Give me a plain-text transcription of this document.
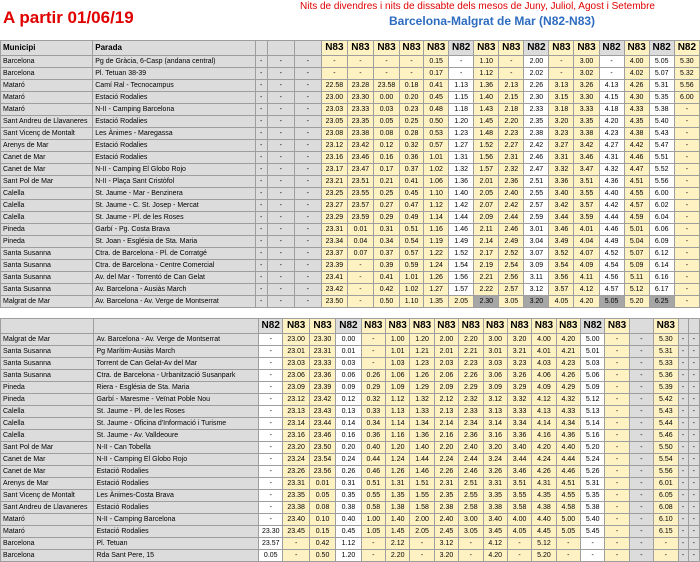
A partir 01/06/19
Nits de divendres i nits de dissabte dels mesos de Juny, Juliol, Agost i Setembre
Barcelona-Malgrat de Mar (N82-N83)
Municipi	Parada				N83	N83	N83	N83	N83	N82	N83	N83	N82	N83	N83	N82	N83	N82	N82
Barcelona	Pg de Gràcia, 6-Casp (andana central)	-	-	-	-	-	-	-	0.15	-	1.10	-	2.00	-	3.00	-	4.00	5.05	5.30
Barcelona	Pl. Tetuan 38-39	-	-	-	-	-	-	-	0.17	-	1.12	-	2.02	-	3.02	-	4.02	5.07	5.32
Mataró	Camí Ral - Tecnocampus	-	-	-	22.58	23.28	23.58	0.18	0.41	1.13	1.36	2.13	2.26	3.13	3.26	4.13	4.26	5.31	5.56
Mataró	Estació Rodalies	-	-	-	23.00	23.30	0.00	0.20	0.45	1.15	1.40	2.15	2.30	3.15	3.30	4.15	4.30	5.35	6.00
Mataró	N-II - Camping Barcelona	-	-	-	23.03	23.33	0.03	0.23	0.48	1.18	1.43	2.18	2.33	3.18	3.33	4.18	4.33	5.38	-
Sant Andreu de Llavaneres	Estació Rodalies	-	-	-	23.05	23.35	0.05	0.25	0.50	1.20	1.45	2.20	2.35	3.20	3.35	4.20	4.35	5.40	-
Sant Vicenç de Montalt	Les Ànimes - Maregassa	-	-	-	23.08	23.38	0.08	0.28	0.53	1.23	1.48	2.23	2.38	3.23	3.38	4.23	4.38	5.43	-
Arenys de Mar	Estació Rodalies	-	-	-	23.12	23.42	0.12	0.32	0.57	1.27	1.52	2.27	2.42	3.27	3.42	4.27	4.42	5.47	-
Canet de Mar	Estació Rodalies	-	-	-	23.16	23.46	0.16	0.36	1.01	1.31	1.56	2.31	2.46	3.31	3.46	4.31	4.46	5.51	-
Canet de Mar	N-II - Camping El Globo Rojo	-	-	-	23.17	23.47	0.17	0.37	1.02	1.32	1.57	2.32	2.47	3.32	3.47	4.32	4.47	5.52	-
Sant Pol de Mar	N-II - Plaça Sant Cristòfol	-	-	-	23.21	23.51	0.21	0.41	1.06	1.36	2.01	2.36	2.51	3.36	3.51	4.36	4.51	5.56	-
Calella	St. Jaume - Mar - Benzinera	-	-	-	23.25	23.55	0.25	0.45	1.10	1.40	2.05	2.40	2.55	3.40	3.55	4.40	4.55	6.00	-
Calella	St. Jaume - C. St. Josep - Mercat	-	-	-	23.27	23.57	0.27	0.47	1.12	1.42	2.07	2.42	2.57	3.42	3.57	4.42	4.57	6.02	-
Calella	St. Jaume - Pl. de les Roses	-	-	-	23.29	23.59	0.29	0.49	1.14	1.44	2.09	2.44	2.59	3.44	3.59	4.44	4.59	6.04	-
Pineda	Garbí - Pg. Costa Brava	-	-	-	23.31	0.01	0.31	0.51	1.16	1.46	2.11	2.46	3.01	3.46	4.01	4.46	5.01	6.06	-
Pineda	St. Joan - Església de Sta. Maria	-	-	-	23.34	0.04	0.34	0.54	1.19	1.49	2.14	2.49	3.04	3.49	4.04	4.49	5.04	6.09	-
Santa Susanna	Ctra. de Barcelona - Pl. de Corratgé	-	-	-	23.37	0.07	0.37	0.57	1.22	1.52	2.17	2.52	3.07	3.52	4.07	4.52	5.07	6.12	-
Santa Susanna	Ctra. de Barcelona - Centre Comercial	-	-	-	23.39	-	0.39	0.59	1.24	1.54	2.19	2.54	3.09	3.54	4.09	4.54	5.09	6.14	-
Santa Susanna	Av. del Mar - Torrentó de Can Gelat	-	-	-	23.41	-	0.41	1.01	1.26	1.56	2.21	2.56	3.11	3.56	4.11	4.56	5.11	6.16	-
Santa Susanna	Av. Barcelona - Ausiàs March	-	-	-	23.42	-	0.42	1.02	1.27	1.57	2.22	2.57	3.12	3.57	4.12	4.57	5.12	6.17	-
Malgrat de Mar	Av. Barcelona - Av. Verge de Montserrat	-	-	-	23.50	-	0.50	1.10	1.35	2.05	2.30	3.05	3.20	4.05	4.20	5.05	5.20	6.25	-
		N82	N83	N83	N82	N83	N83	N83	N83	N83	N83	N83	N83	N83	N82	N83		N83		
Malgrat de Mar	Av. Barcelona - Av. Verge de Montserrat	-	23.00	23.30	0.00	-	1.00	1.20	2.00	2.20	3.00	3.20	4.00	4.20	5.00	-	-	5.30	-	-
Santa Susanna	Pg Marítim-Ausiàs March	-	23.01	23.31	0.01	-	1.01	1.21	2.01	2.21	3.01	3.21	4.01	4.21	5.01	-	-	5.31	-	-
Santa Susanna	Torrent de Can Gelat-Av del Mar	-	23.03	23.33	0.03	-	1.03	1.23	2.03	2.23	3.03	3.23	4.03	4.23	5.03	-	-	5.33	-	-
Santa Susanna	Ctra. de Barcelona - Urbanització Susanpark	-	23.06	23.36	0.06	0.26	1.06	1.26	2.06	2.26	3.06	3.26	4.06	4.26	5.06	-	-	5.36	-	-
Pineda	Riera - Església de Sta. Maria	-	23.09	23.39	0.09	0.29	1.09	1.29	2.09	2.29	3.09	3.29	4.09	4.29	5.09	-	-	5.39	-	-
Pineda	Garbí - Maresme - Veïnat Poble Nou	-	23.12	23.42	0.12	0.32	1.12	1.32	2.12	2.32	3.12	3.32	4.12	4.32	5.12	-	-	5.42	-	-
Calella	St. Jaume - Pl. de les Roses	-	23.13	23.43	0.13	0.33	1.13	1.33	2.13	2.33	3.13	3.33	4.13	4.33	5.13	-	-	5.43	-	-
Calella	St. Jaume - Oficina d'Informació i Turisme	-	23.14	23.44	0.14	0.34	1.14	1.34	2.14	2.34	3.14	3.34	4.14	4.34	5.14	-	-	5.44	-	-
Calella	St. Jaume - Av. Valldeoure	-	23.16	23.46	0.16	0.36	1.16	1.36	2.16	2.36	3.16	3.36	4.16	4.36	5.16	-	-	5.46	-	-
Sant Pol de Mar	N-II - Can Tobella	-	23.20	23.50	0.20	0.40	1.20	1.40	2.20	2.40	3.20	3.40	4.20	4.40	5.20	-	-	5.50	-	-
Canet de Mar	N-II - Camping El Globo Rojo	-	23.24	23.54	0.24	0.44	1.24	1.44	2.24	2.44	3.24	3.44	4.24	4.44	5.24	-	-	5.54	-	-
Canet de Mar	Estació Rodalies	-	23.26	23.56	0.26	0.46	1.26	1.46	2.26	2.46	3.26	3.46	4.26	4.46	5.26	-	-	5.56	-	-
Arenys de Mar	Estació Rodalies	-	23.31	0.01	0.31	0.51	1.31	1.51	2.31	2.51	3.31	3.51	4.31	4.51	5.31	-	-	6.01	-	-
Sant Vicenç de Montalt	Les Ànimes-Costa Brava	-	23.35	0.05	0.35	0.55	1.35	1.55	2.35	2.55	3.35	3.55	4.35	4.55	5.35	-	-	6.05	-	-
Sant Andreu de Llavaneres	Estació Rodalies	-	23.38	0.08	0.38	0.58	1.38	1.58	2.38	2.58	3.38	3.58	4.38	4.58	5.38	-	-	6.08	-	-
Mataró	N-II - Camping Barcelona	-	23.40	0.10	0.40	1.00	1.40	2.00	2.40	3.00	3.40	4.00	4.40	5.00	5.40	-	-	6.10	-	-
Mataró	Estació Rodalies	23.30	23.45	0.15	0.45	1.05	1.45	2.05	2.45	3.05	3.45	4.05	4.45	5.05	5.45	-	-	6.15	-	-
Barcelona	Pl. Tetuan	23.57	-	0.42	1.12	-	2.12	-	3.12	-	4.12	-	5.12	-	-	-	-	-	-	-
Barcelona	Rda Sant Pere, 15	0.05	-	0.50	1.20	-	2.20	-	3.20	-	4.20	-	5.20	-	-	-	-	-	-	-
